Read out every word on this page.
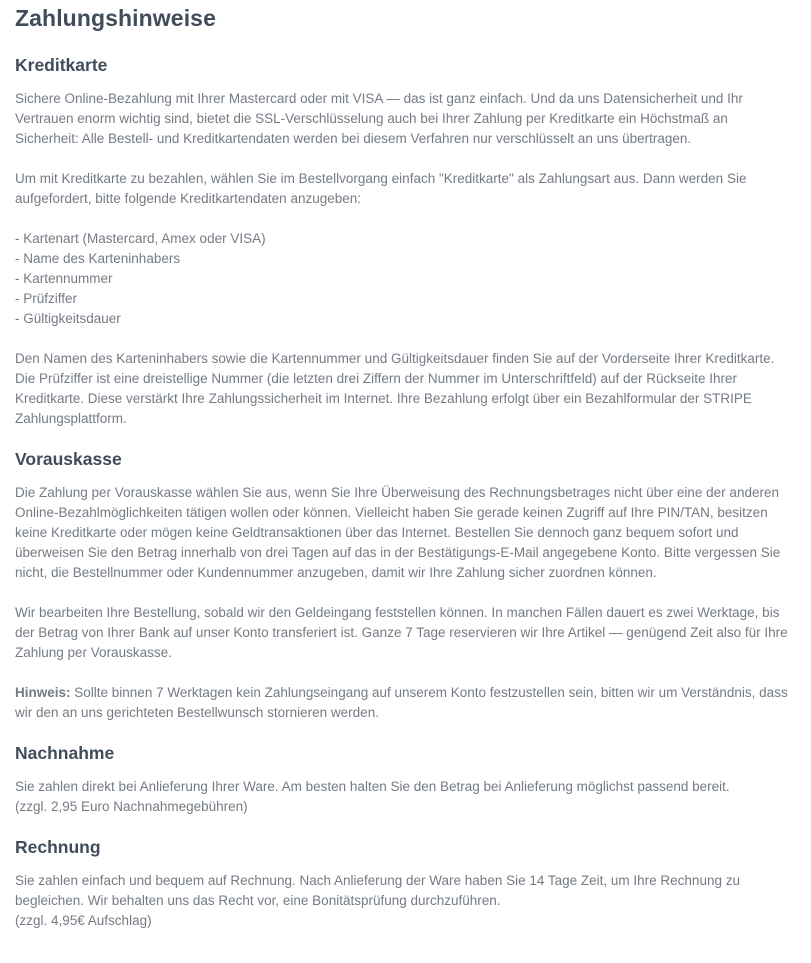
Zahlungshinweise
Kreditkarte

Sichere Online-Bezahlung mit Ihrer Mastercard oder mit VISA — das ist ganz einfach. Und da uns Datensicherheit und Ihr Vertrauen enorm wichtig sind, bietet die SSL-Verschlüsselung auch bei Ihrer Zahlung per Kreditkarte ein Höchstmaß an Sicherheit: Alle Bestell- und Kreditkartendaten werden bei diesem Verfahren nur verschlüsselt an uns übertragen.

Um mit Kreditkarte zu bezahlen, wählen Sie im Bestellvorgang einfach "Kreditkarte" als Zahlungsart aus. Dann werden Sie aufgefordert, bitte folgende Kreditkartendaten anzugeben:

- Kartenart (Mastercard, Amex oder VISA)
- Name des Karteninhabers
- Kartennummer
- Prüfziffer
- Gültigkeitsdauer

Den Namen des Karteninhabers sowie die Kartennummer und Gültigkeitsdauer finden Sie auf der Vorderseite Ihrer Kreditkarte. Die Prüfziffer ist eine dreistellige Nummer (die letzten drei Ziffern der Nummer im Unterschriftfeld) auf der Rückseite Ihrer Kreditkarte. Diese verstärkt Ihre Zahlungssicherheit im Internet. Ihre Bezahlung erfolgt über ein Bezahlformular der STRIPE Zahlungsplattform.

Vorauskasse

Die Zahlung per Vorauskasse wählen Sie aus, wenn Sie Ihre Überweisung des Rechnungsbetrages nicht über eine der anderen Online-Bezahlmöglichkeiten tätigen wollen oder können. Vielleicht haben Sie gerade keinen Zugriff auf Ihre PIN/TAN, besitzen keine Kreditkarte oder mögen keine Geldtransaktionen über das Internet. Bestellen Sie dennoch ganz bequem sofort und überweisen Sie den Betrag innerhalb von drei Tagen auf das in der Bestätigungs-E-Mail angegebene Konto. Bitte vergessen Sie nicht, die Bestellnummer oder Kundennummer anzugeben, damit wir Ihre Zahlung sicher zuordnen können.

Wir bearbeiten Ihre Bestellung, sobald wir den Geldeingang feststellen können. In manchen Fällen dauert es zwei Werktage, bis der Betrag von Ihrer Bank auf unser Konto transferiert ist. Ganze 7 Tage reservieren wir Ihre Artikel — genügend Zeit also für Ihre Zahlung per Vorauskasse.

Hinweis: Sollte binnen 7 Werktagen kein Zahlungseingang auf unserem Konto festzustellen sein, bitten wir um Verständnis, dass wir den an uns gerichteten Bestellwunsch stornieren werden.

Nachnahme

Sie zahlen direkt bei Anlieferung Ihrer Ware. Am besten halten Sie den Betrag bei Anlieferung möglichst passend bereit.
(zzgl. 2,95 Euro Nachnahmegebühren)

Rechnung

Sie zahlen einfach und bequem auf Rechnung. Nach Anlieferung der Ware haben Sie 14 Tage Zeit, um Ihre Rechnung zu begleichen. Wir behalten uns das Recht vor, eine Bonitätsprüfung durchzuführen.
(zzgl. 4,95€ Aufschlag)
